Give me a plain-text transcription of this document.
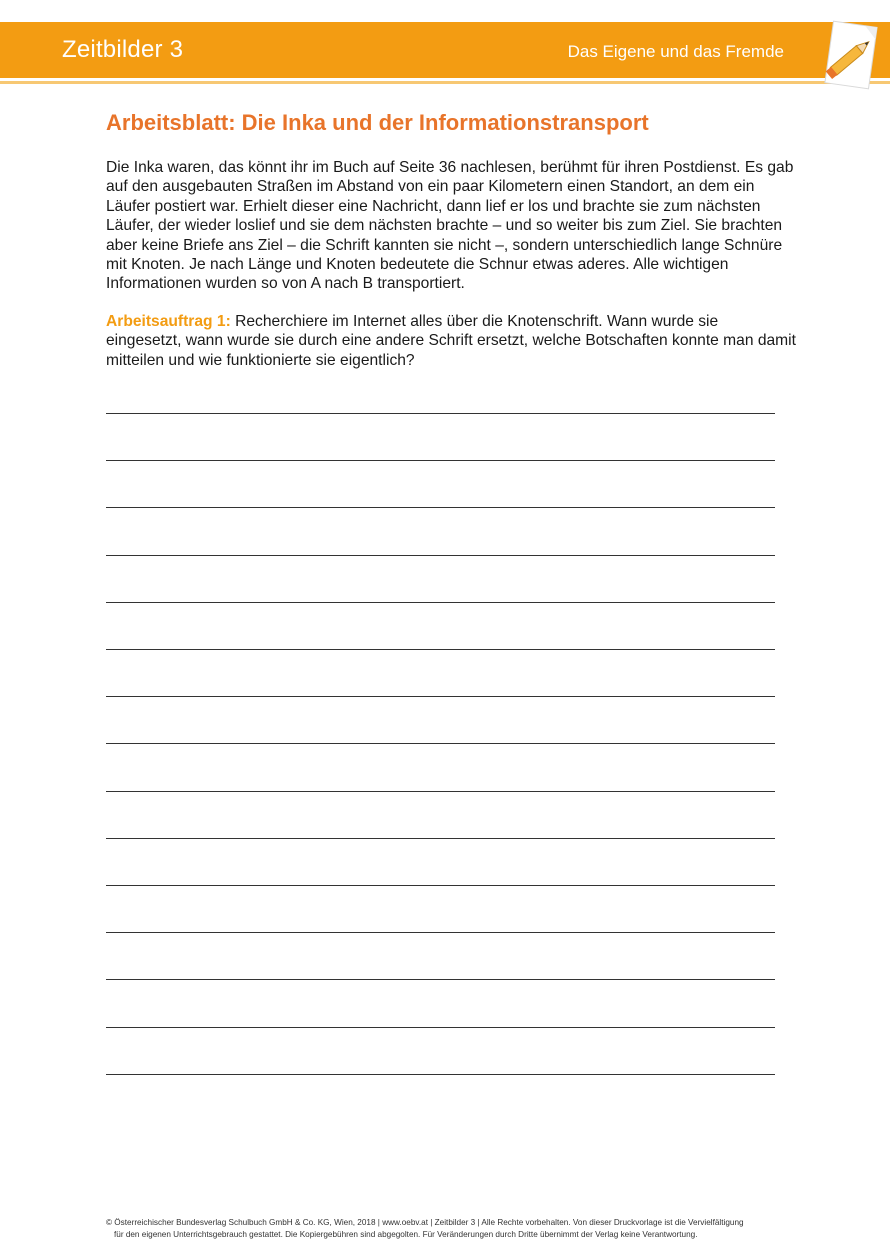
Zeitbilder 3	Das Eigene und das Fremde
Arbeitsblatt: Die Inka und der Informationstransport

Die Inka waren, das könnt ihr im Buch auf Seite 36 nachlesen, berühmt für ihren Postdienst. Es gab auf den ausgebauten Straßen im Abstand von ein paar Kilometern einen Standort, an dem ein Läufer postiert war. Erhielt dieser eine Nachricht, dann lief er los und brachte sie zum nächsten Läufer, der wieder loslief und sie dem nächsten brachte – und so weiter bis zum Ziel. Sie brachten aber keine Briefe ans Ziel – die Schrift kannten sie nicht –, sondern unterschiedlich lange Schnüre mit Knoten. Je nach Länge und Knoten bedeutete die Schnur etwas aderes. Alle wichtigen Informationen wurden so von A nach B transportiert.

Arbeitsauftrag 1: Recherchiere im Internet alles über die Knotenschrift. Wann wurde sie eingesetzt, wann wurde sie durch eine andere Schrift ersetzt, welche Botschaften konnte man damit mitteilen und wie funktionierte sie eigentlich?

© Österreichischer Bundesverlag Schulbuch GmbH & Co. KG, Wien, 2018 | www.oebv.at | Zeitbilder 3 | Alle Rechte vorbehalten. Von dieser Druckvorlage ist die Vervielfältigung
für den eigenen Unterrichtsgebrauch gestattet. Die Kopiergebühren sind abgegolten. Für Veränderungen durch Dritte übernimmt der Verlag keine Verantwortung.
